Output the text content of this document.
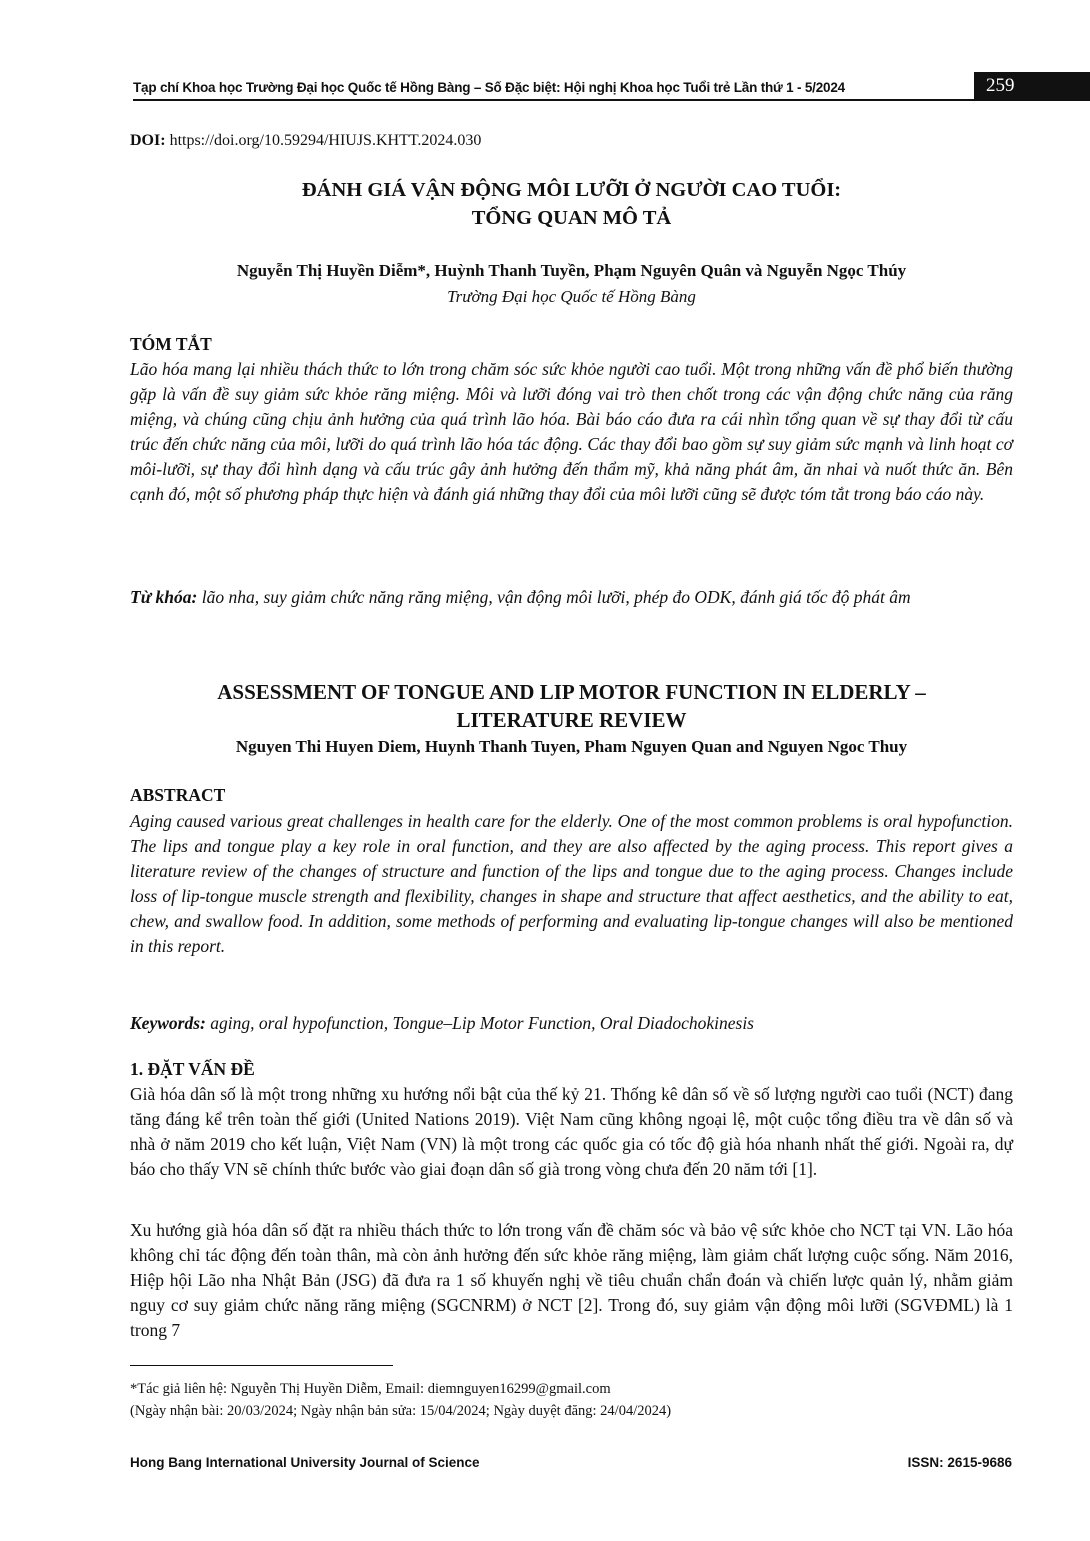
Tạp chí Khoa học Trường Đại học Quốc tế Hồng Bàng – Số Đặc biệt: Hội nghị Khoa học Tuổi trẻ Lần thứ 1 - 5/2024	259
DOI: https://doi.org/10.59294/HIUJS.KHTT.2024.030
ĐÁNH GIÁ VẬN ĐỘNG MÔI LƯỠI Ở NGƯỜI CAO TUỔI:
TỔNG QUAN MÔ TẢ
Nguyễn Thị Huyền Diễm*, Huỳnh Thanh Tuyền, Phạm Nguyên Quân và Nguyễn Ngọc Thúy
Trường Đại học Quốc tế Hồng Bàng
TÓM TẮT
Lão hóa mang lại nhiều thách thức to lớn trong chăm sóc sức khỏe người cao tuổi. Một trong những vấn đề phổ biến thường gặp là vấn đề suy giảm sức khỏe răng miệng. Môi và lưỡi đóng vai trò then chốt trong các vận động chức năng của răng miệng, và chúng cũng chịu ảnh hưởng của quá trình lão hóa. Bài báo cáo đưa ra cái nhìn tổng quan về sự thay đổi từ cấu trúc đến chức năng của môi, lưỡi do quá trình lão hóa tác động. Các thay đổi bao gồm sự suy giảm sức mạnh và linh hoạt cơ môi-lưỡi, sự thay đổi hình dạng và cấu trúc gây ảnh hưởng đến thẩm mỹ, khả năng phát âm, ăn nhai và nuốt thức ăn. Bên cạnh đó, một số phương pháp thực hiện và đánh giá những thay đổi của môi lưỡi cũng sẽ được tóm tắt trong báo cáo này.
Từ khóa: lão nha, suy giảm chức năng răng miệng, vận động môi lưỡi, phép đo ODK, đánh giá tốc độ phát âm
ASSESSMENT OF TONGUE AND LIP MOTOR FUNCTION IN ELDERLY –
LITERATURE REVIEW
Nguyen Thi Huyen Diem, Huynh Thanh Tuyen, Pham Nguyen Quan and Nguyen Ngoc Thuy
ABSTRACT
Aging caused various great challenges in health care for the elderly. One of the most common problems is oral hypofunction. The lips and tongue play a key role in oral function, and they are also affected by the aging process. This report gives a literature review of the changes of structure and function of the lips and tongue due to the aging process. Changes include loss of lip-tongue muscle strength and flexibility, changes in shape and structure that affect aesthetics, and the ability to eat, chew, and swallow food. In addition, some methods of performing and evaluating lip-tongue changes will also be mentioned in this report.
Keywords: aging, oral hypofunction, Tongue–Lip Motor Function, Oral Diadochokinesis
1. ĐẶT VẤN ĐỀ
Già hóa dân số là một trong những xu hướng nổi bật của thế kỷ 21. Thống kê dân số về số lượng người cao tuổi (NCT) đang tăng đáng kể trên toàn thế giới (United Nations 2019). Việt Nam cũng không ngoại lệ, một cuộc tổng điều tra về dân số và nhà ở năm 2019 cho kết luận, Việt Nam (VN) là một trong các quốc gia có tốc độ già hóa nhanh nhất thế giới. Ngoài ra, dự báo cho thấy VN sẽ chính thức bước vào giai đoạn dân số già trong vòng chưa đến 20 năm tới [1].
Xu hướng già hóa dân số đặt ra nhiều thách thức to lớn trong vấn đề chăm sóc và bảo vệ sức khỏe cho NCT tại VN. Lão hóa không chỉ tác động đến toàn thân, mà còn ảnh hưởng đến sức khỏe răng miệng, làm giảm chất lượng cuộc sống. Năm 2016, Hiệp hội Lão nha Nhật Bản (JSG) đã đưa ra 1 số khuyến nghị về tiêu chuẩn chẩn đoán và chiến lược quản lý, nhằm giảm nguy cơ suy giảm chức năng răng miệng (SGCNRM) ở NCT [2]. Trong đó, suy giảm vận động môi lưỡi (SGVĐML) là 1 trong 7
*Tác giả liên hệ: Nguyễn Thị Huyền Diễm, Email: diemnguyen16299@gmail.com
(Ngày nhận bài: 20/03/2024; Ngày nhận bản sửa: 15/04/2024; Ngày duyệt đăng: 24/04/2024)
Hong Bang International University Journal of Science	ISSN: 2615-9686
